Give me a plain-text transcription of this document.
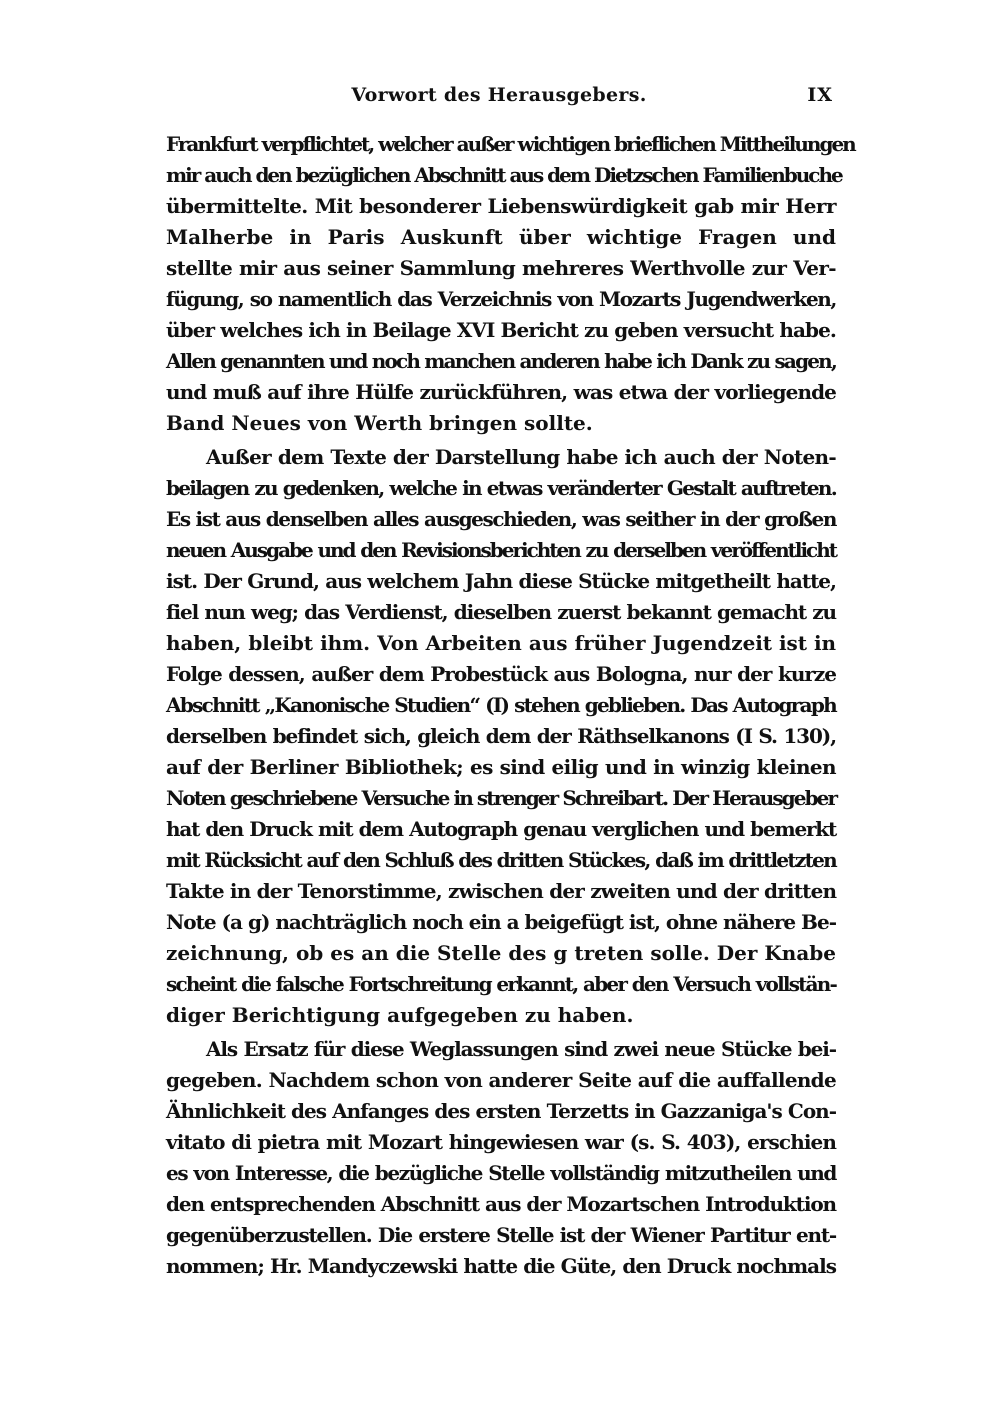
Vorwort des Herausgebers.	IX
Frankfurt verpflichtet, welcher außer wichtigen brieflichen Mittheilungen
mir auch den bezüglichen Abschnitt aus dem Dietzschen Familienbuche
übermittelte. Mit besonderer Liebenswürdigkeit gab mir Herr
Malherbe in Paris Auskunft über wichtige Fragen und
stellte mir aus seiner Sammlung mehreres Werthvolle zur Ver-
fügung, so namentlich das Verzeichnis von Mozarts Jugendwerken,
über welches ich in Beilage XVI Bericht zu geben versucht habe.
Allen genannten und noch manchen anderen habe ich Dank zu sagen,
und muß auf ihre Hülfe zurückführen, was etwa der vorliegende
Band Neues von Werth bringen sollte.
Außer dem Texte der Darstellung habe ich auch der Noten-
beilagen zu gedenken, welche in etwas veränderter Gestalt auftreten.
Es ist aus denselben alles ausgeschieden, was seither in der großen
neuen Ausgabe und den Revisionsberichten zu derselben veröffentlicht
ist. Der Grund, aus welchem Jahn diese Stücke mitgetheilt hatte,
fiel nun weg; das Verdienst, dieselben zuerst bekannt gemacht zu
haben, bleibt ihm. Von Arbeiten aus früher Jugendzeit ist in
Folge dessen, außer dem Probestück aus Bologna, nur der kurze
Abschnitt „Kanonische Studien“ (I) stehen geblieben. Das Autograph
derselben befindet sich, gleich dem der Räthselkanons (I S. 130),
auf der Berliner Bibliothek; es sind eilig und in winzig kleinen
Noten geschriebene Versuche in strenger Schreibart. Der Herausgeber
hat den Druck mit dem Autograph genau verglichen und bemerkt
mit Rücksicht auf den Schluß des dritten Stückes, daß im drittletzten
Takte in der Tenorstimme, zwischen der zweiten und der dritten
Note (a g) nachträglich noch ein a beigefügt ist, ohne nähere Be-
zeichnung, ob es an die Stelle des g treten solle. Der Knabe
scheint die falsche Fortschreitung erkannt, aber den Versuch vollstän-
diger Berichtigung aufgegeben zu haben.
Als Ersatz für diese Weglassungen sind zwei neue Stücke bei-
gegeben. Nachdem schon von anderer Seite auf die auffallende
Ähnlichkeit des Anfanges des ersten Terzetts in Gazzaniga's Con-
vitato di pietra mit Mozart hingewiesen war (s. S. 403), erschien
es von Interesse, die bezügliche Stelle vollständig mitzutheilen und
den entsprechenden Abschnitt aus der Mozartschen Introduktion
gegenüberzustellen. Die erstere Stelle ist der Wiener Partitur ent-
nommen; Hr. Mandyczewski hatte die Güte, den Druck nochmals
